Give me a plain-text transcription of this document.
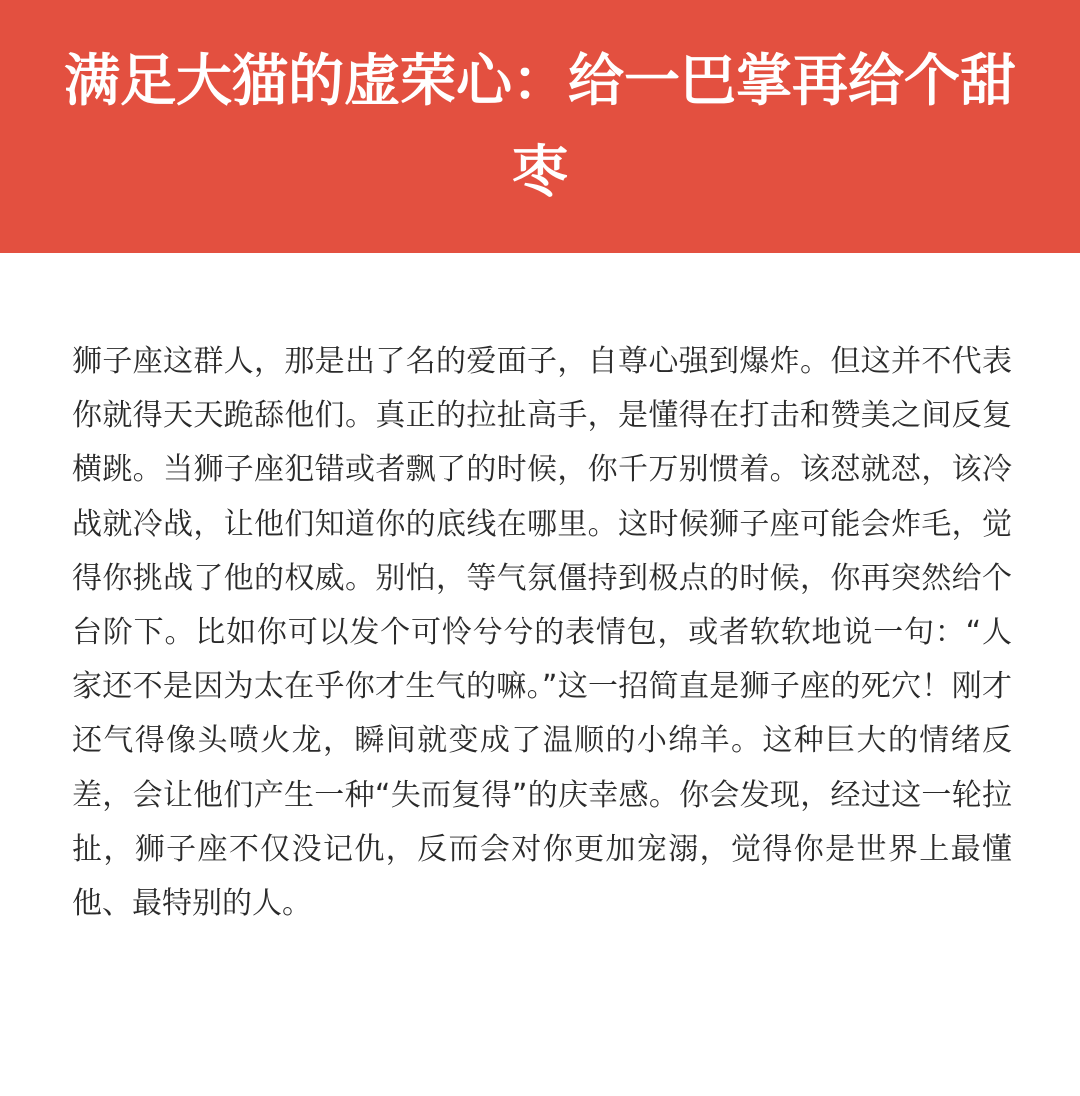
满足大猫的虚荣心：给一巴掌再给个甜枣

狮子座这群人，那是出了名的爱面子，自尊心强到爆炸。但这并不代表你就得天天跪舔他们。真正的拉扯高手，是懂得在打击和赞美之间反复横跳。当狮子座犯错或者飘了的时候，你千万别惯着。该怼就怼，该冷战就冷战，让他们知道你的底线在哪里。这时候狮子座可能会炸毛，觉得你挑战了他的权威。别怕，等气氛僵持到极点的时候，你再突然给个台阶下。比如你可以发个可怜兮兮的表情包，或者软软地说一句：“人家还不是因为太在乎你才生气的嘛。”这一招简直是狮子座的死穴！刚才还气得像头喷火龙，瞬间就变成了温顺的小绵羊。这种巨大的情绪反差，会让他们产生一种“失而复得”的庆幸感。你会发现，经过这一轮拉扯，狮子座不仅没记仇，反而会对你更加宠溺，觉得你是世界上最懂他、最特别的人。
